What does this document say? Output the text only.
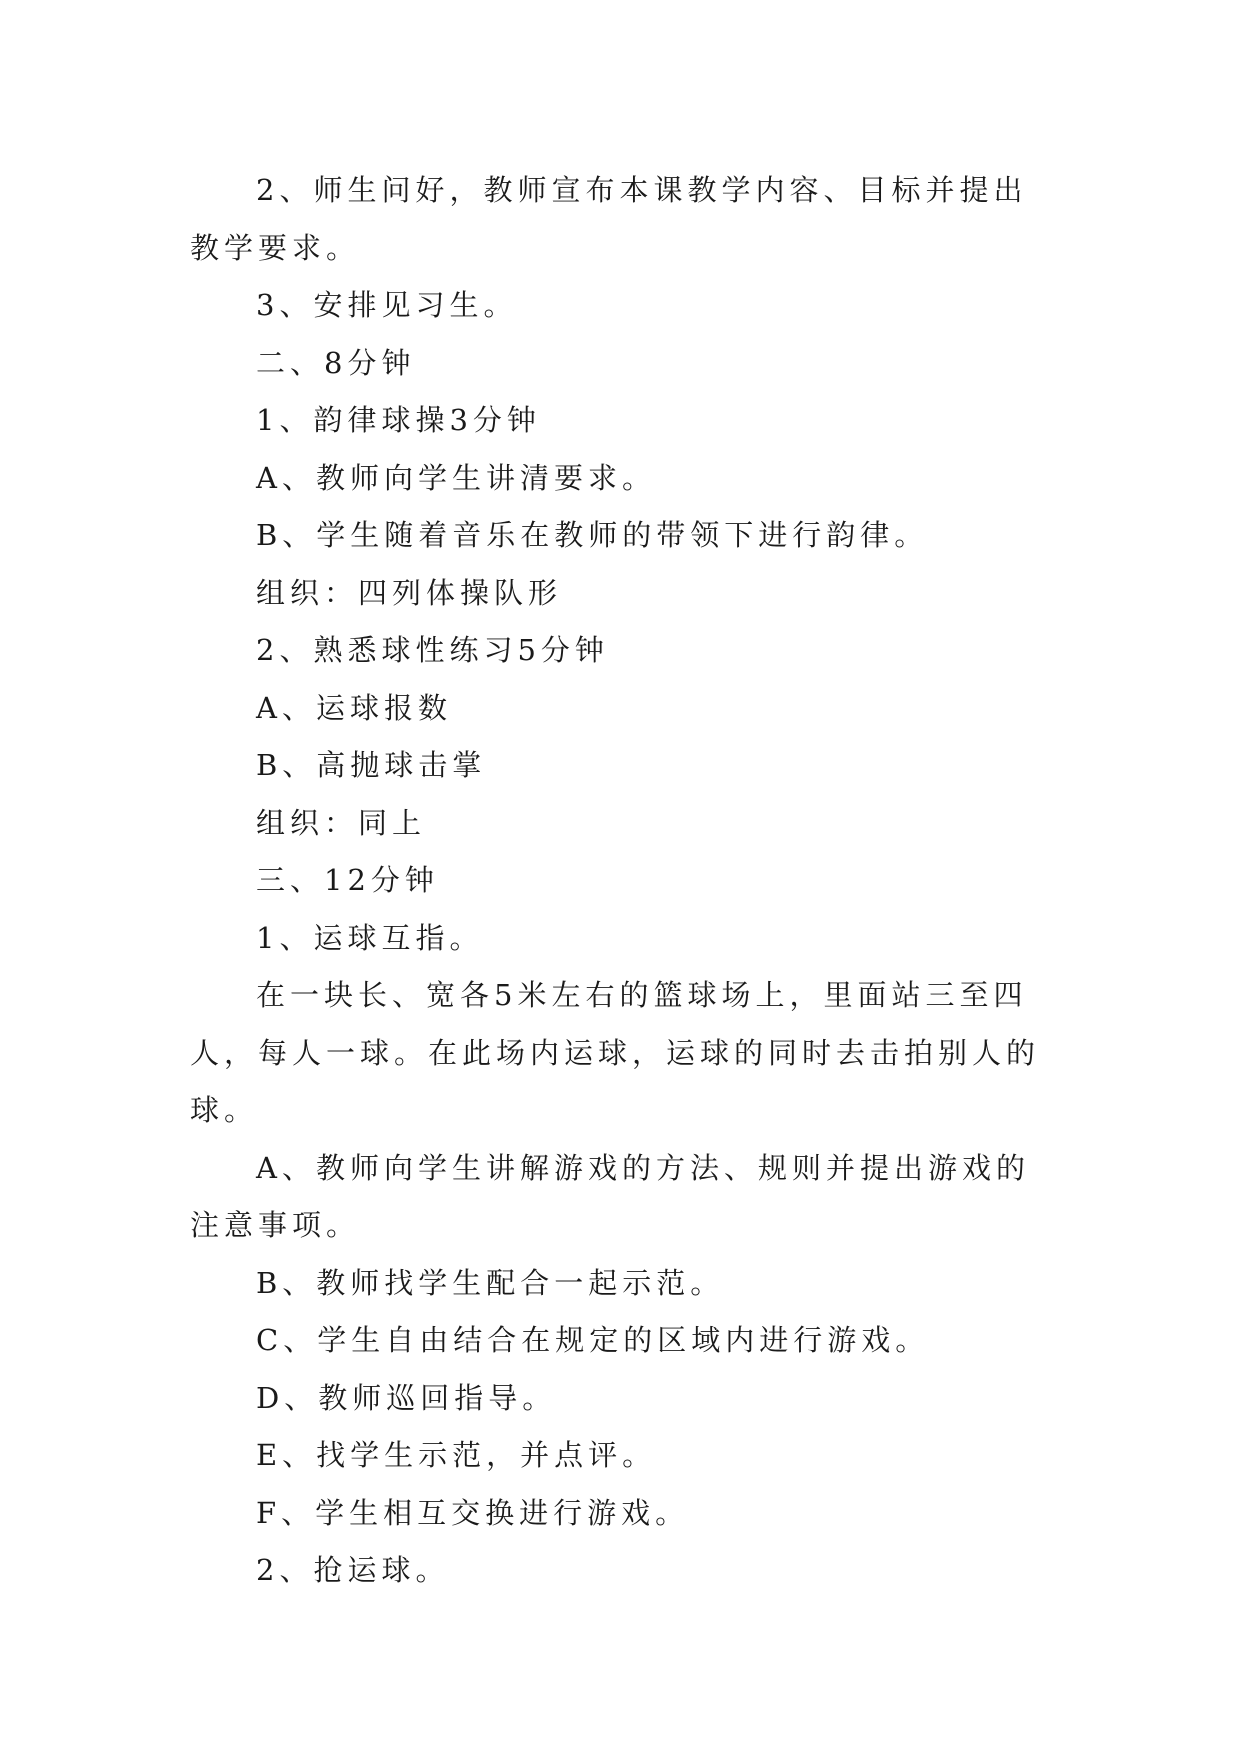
2、师生问好，教师宣布本课教学内容、目标并提出教学要求。

3、安排见习生。

二、8分钟

1、韵律球操3分钟

A、教师向学生讲清要求。

B、学生随着音乐在教师的带领下进行韵律。

组织：四列体操队形

2、熟悉球性练习5分钟

A、运球报数

B、高抛球击掌

组织：同上

三、12分钟

1、运球互指。

在一块长、宽各5米左右的篮球场上，里面站三至四人，每人一球。在此场内运球，运球的同时去击拍别人的球。

A、教师向学生讲解游戏的方法、规则并提出游戏的注意事项。

B、教师找学生配合一起示范。

C、学生自由结合在规定的区域内进行游戏。

D、教师巡回指导。

E、找学生示范，并点评。

F、学生相互交换进行游戏。

2、抢运球。
